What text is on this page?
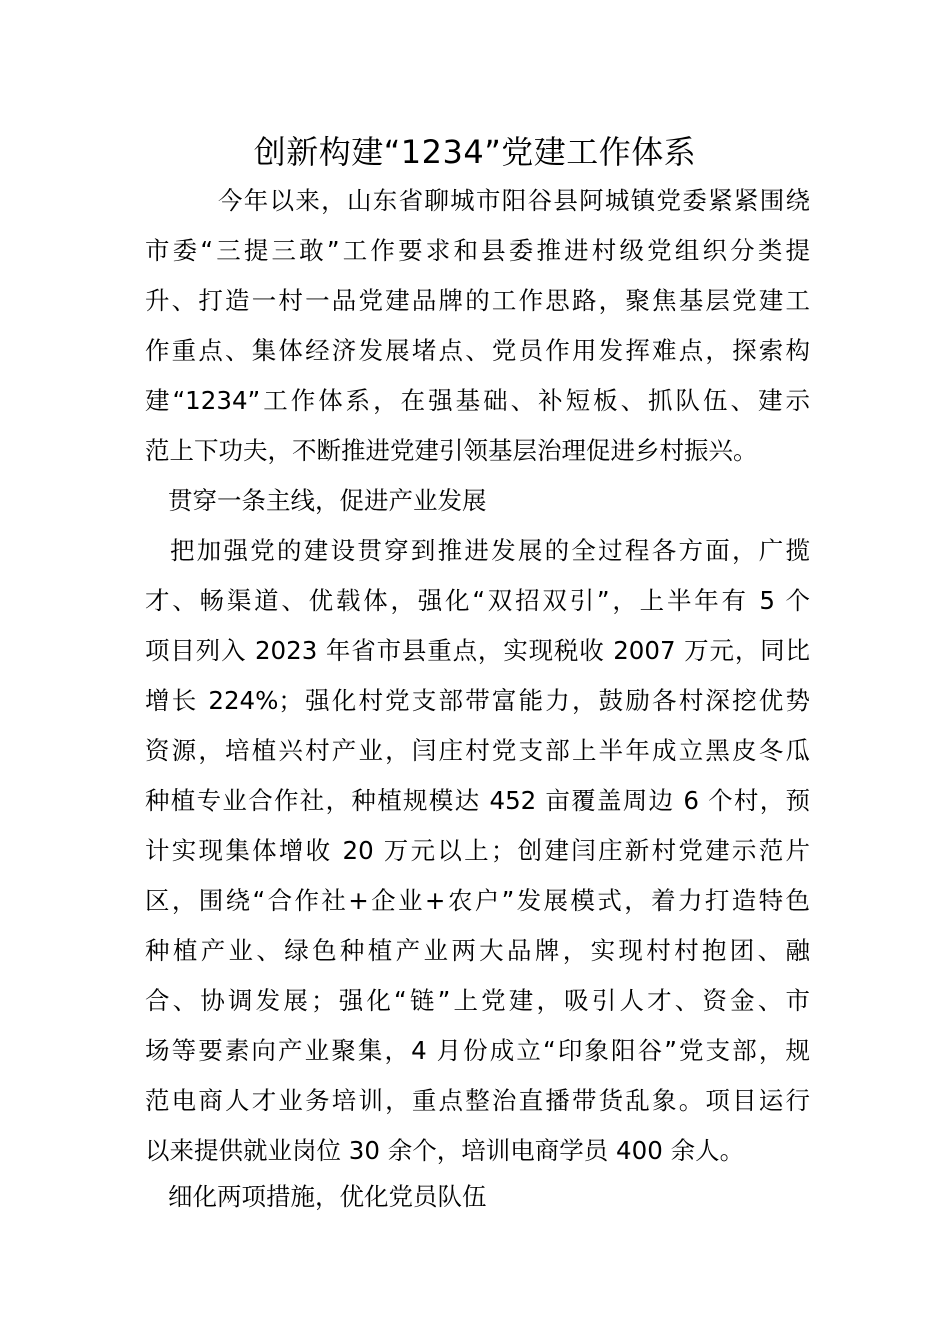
创新构建“1234”党建工作体系
今年以来，山东省聊城市阳谷县阿城镇党委紧紧围绕
市委“三提三敢”工作要求和县委推进村级党组织分类提
升、打造一村一品党建品牌的工作思路，聚焦基层党建工
作重点、集体经济发展堵点、党员作用发挥难点，探索构
建“1234”工作体系，在强基础、补短板、抓队伍、建示
范上下功夫，不断推进党建引领基层治理促进乡村振兴。
贯穿一条主线，促进产业发展
把加强党的建设贯穿到推进发展的全过程各方面，广揽
才、畅渠道、优载体，强化“双招双引”，上半年有 5 个
项目列入 2023 年省市县重点，实现税收 2007 万元，同比
增长 224%；强化村党支部带富能力，鼓励各村深挖优势
资源，培植兴村产业，闫庄村党支部上半年成立黑皮冬瓜
种植专业合作社，种植规模达 452 亩覆盖周边 6 个村，预
计实现集体增收 20 万元以上；创建闫庄新村党建示范片
区，围绕“合作社+企业+农户”发展模式，着力打造特色
种植产业、绿色种植产业两大品牌，实现村村抱团、融
合、协调发展；强化“链”上党建，吸引人才、资金、市
场等要素向产业聚集，4 月份成立“印象阳谷”党支部，规
范电商人才业务培训，重点整治直播带货乱象。项目运行
以来提供就业岗位 30 余个，培训电商学员 400 余人。
细化两项措施，优化党员队伍
